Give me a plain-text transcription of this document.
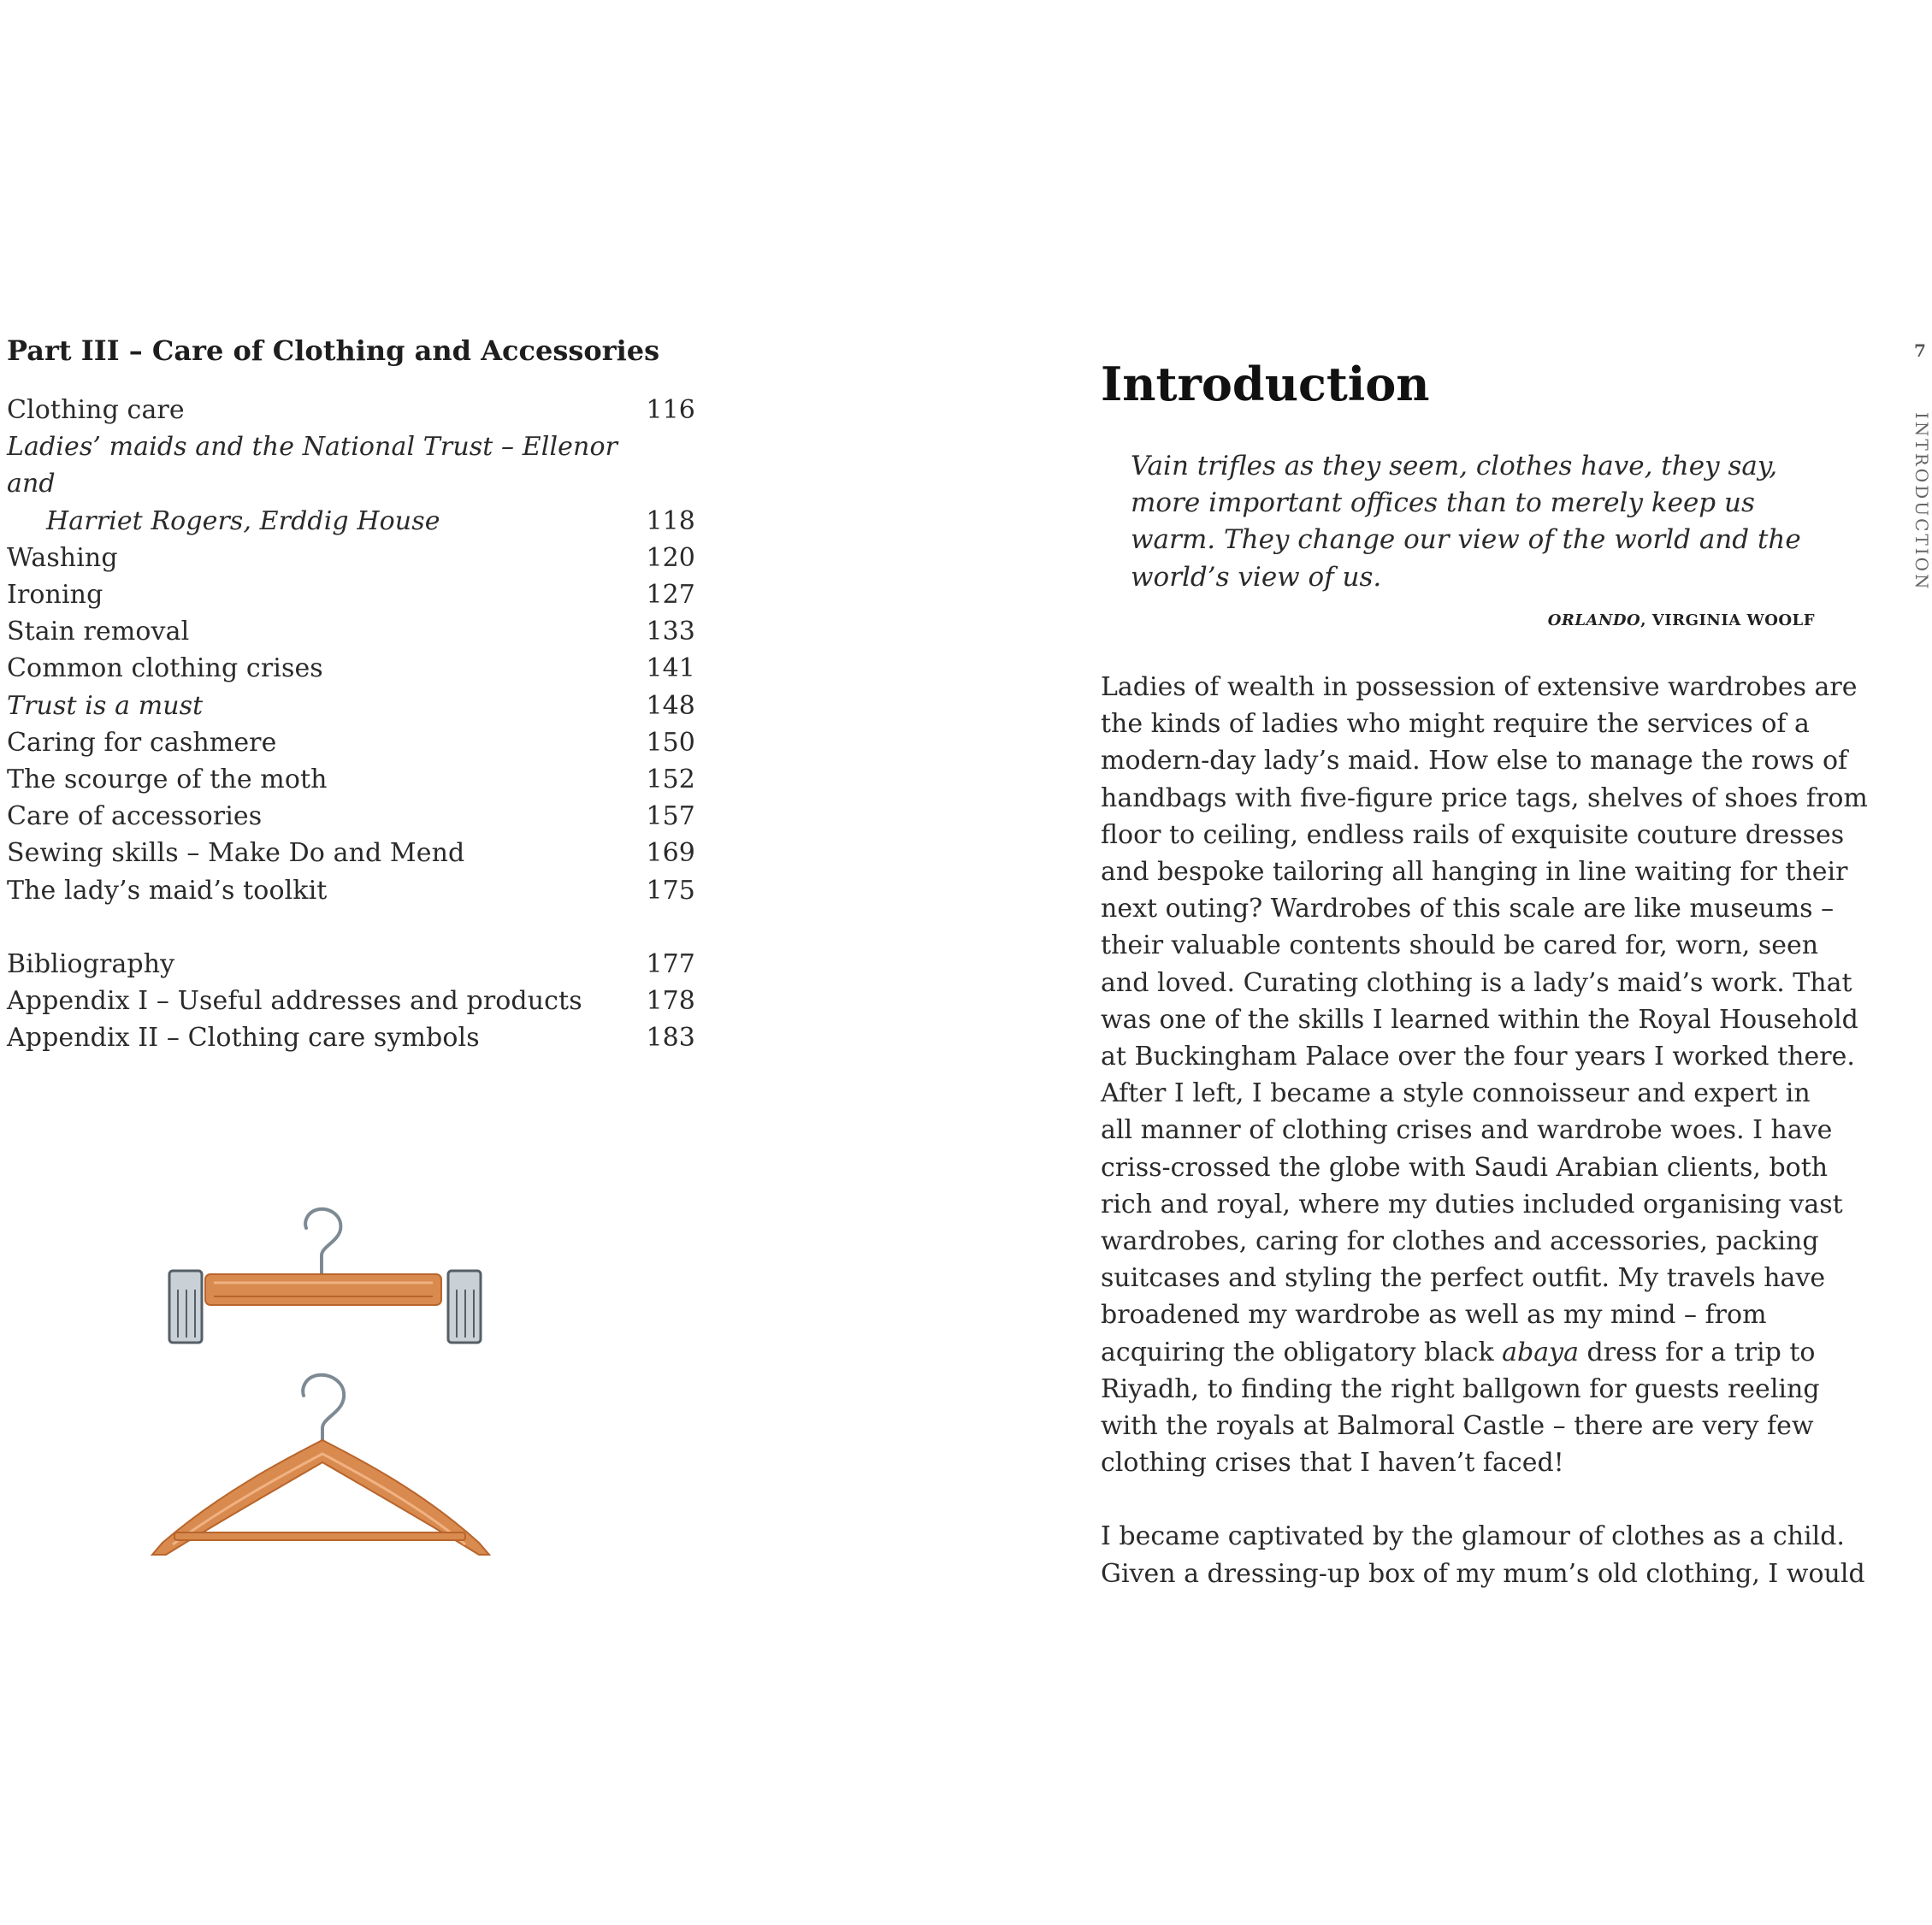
Part III – Care of Clothing and Accessories
Clothing care	116
Ladies’ maids and the National Trust – Ellenor and
Harriet Rogers, Erddig House	118
Washing	120
Ironing	127
Stain removal	133
Common clothing crises	141
Trust is a must	148
Caring for cashmere	150
The scourge of the moth	152
Care of accessories	157
Sewing skills – Make Do and Mend	169
The lady’s maid’s toolkit	175
Bibliography	177
Appendix I – Useful addresses and products	178
Appendix II – Clothing care symbols	183
7
INTRODUCTION
Introduction

Vain trifles as they seem, clothes have, they say,
more important offices than to merely keep us
warm. They change our view of the world and the
world’s view of us.

ORLANDO, VIRGINIA WOOLF

Ladies of wealth in possession of extensive wardrobes are
the kinds of ladies who might require the services of a
modern-day lady’s maid. How else to manage the rows of
handbags with five-figure price tags, shelves of shoes from
floor to ceiling, endless rails of exquisite couture dresses
and bespoke tailoring all hanging in line waiting for their
next outing? Wardrobes of this scale are like museums –
their valuable contents should be cared for, worn, seen
and loved. Curating clothing is a lady’s maid’s work. That
was one of the skills I learned within the Royal Household
at Buckingham Palace over the four years I worked there.
After I left, I became a style connoisseur and expert in
all manner of clothing crises and wardrobe woes. I have
criss-crossed the globe with Saudi Arabian clients, both
rich and royal, where my duties included organising vast
wardrobes, caring for clothes and accessories, packing
suitcases and styling the perfect outfit. My travels have
broadened my wardrobe as well as my mind – from
acquiring the obligatory black abaya dress for a trip to
Riyadh, to finding the right ballgown for guests reeling
with the royals at Balmoral Castle – there are very few
clothing crises that I haven’t faced!

I became captivated by the glamour of clothes as a child.
Given a dressing-up box of my mum’s old clothing, I would
